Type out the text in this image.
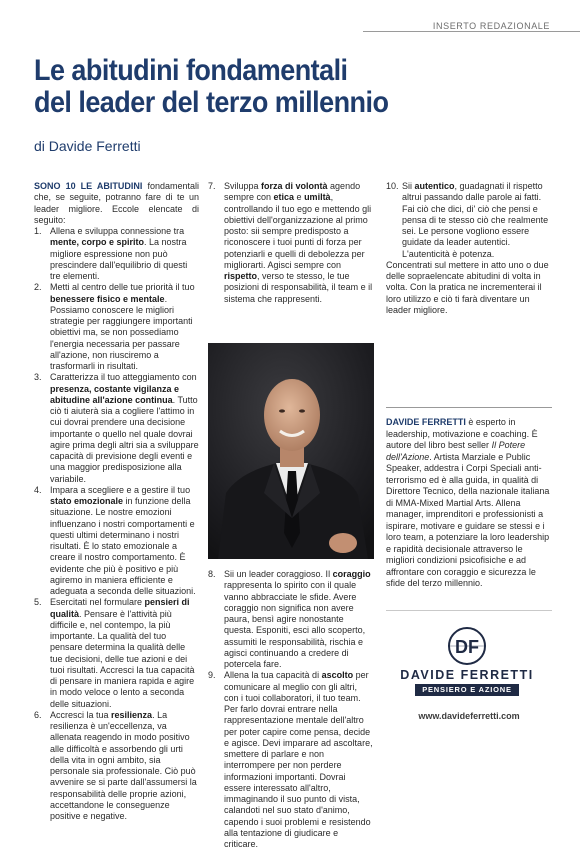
INSERTO REDAZIONALE
Le abitudini fondamentali
del leader del terzo millennio
di Davide Ferretti

SONO 10 LE ABITUDINI fondamentali che, se seguite, potranno fare di te un leader migliore. Eccole elencate di seguito:

1. Allena e sviluppa connessione tra mente, corpo e spirito. La nostra migliore espressione non può prescindere dall'equilibrio di questi tre elementi.
2. Metti al centro delle tue priorità il tuo benessere fisico e mentale. Possiamo conoscere le migliori strategie per raggiungere importanti obiettivi ma, se non possediamo l'energia necessaria per passare all'azione, non riusciremo a trasformarli in risultati.
3. Caratterizza il tuo atteggiamento con presenza, costante vigilanza e abitudine all'azione continua. Tutto ciò ti aiuterà sia a cogliere l'attimo in cui dovrai prendere una decisione importante o quello nel quale dovrai agire prima degli altri sia a sviluppare capacità di previsione degli eventi e una maggior predisposizione alla variabile.
4. Impara a scegliere e a gestire il tuo stato emozionale in funzione della situazione. Le nostre emozioni influenzano i nostri comportamenti e questi ultimi determinano i nostri risultati. È lo stato emozionale a creare il nostro comportamento. È evidente che più è positivo e più agiremo in maniera efficiente e adeguata a seconda delle situazioni.
5. Esercitati nel formulare pensieri di qualità. Pensare è l'attività più difficile e, nel contempo, la più importante. La qualità del tuo pensare determina la qualità delle tue decisioni, delle tue azioni e dei tuoi risultati. Accresci la tua capacità di pensare in maniera rapida e agire in modo veloce o lento a seconda delle situazioni.
6. Accresci la tua resilienza. La resilienza è un'eccellenza, va allenata reagendo in modo positivo alle difficoltà e assorbendo gli urti della vita in ogni ambito, sia personale sia professionale. Ciò può avvenire se si parte dall'assumersi la responsabilità delle proprie azioni, accettandone le conseguenze positive e negative.
7. Sviluppa forza di volontà agendo sempre con etica e umiltà, controllando il tuo ego e mettendo gli obiettivi dell'organizzazione al primo posto: sii sempre predisposto a riconoscere i tuoi punti di forza per potenziarli e quelli di debolezza per migliorarti. Agisci sempre con rispetto, verso te stesso, le tue posizioni di responsabilità, il team e il sistema che rappresenti.
8. Sii un leader coraggioso. Il coraggio rappresenta lo spirito con il quale vanno abbracciate le sfide. Avere coraggio non significa non avere paura, bensì agire nonostante questa. Esponiti, esci allo scoperto, assumiti le responsabilità, rischia e agisci continuando a credere di potercela fare.
9. Allena la tua capacità di ascolto per comunicare al meglio con gli altri, con i tuoi collaboratori, il tuo team. Per farlo dovrai entrare nella rappresentazione mentale dell'altro per poter capire come pensa, decide e agisce. Devi imparare ad ascoltare, smettere di parlare e non interrompere per non perdere informazioni importanti. Dovrai essere interessato all'altro, immaginando il suo punto di vista, calandoti nel suo stato d'animo, capendo i suoi problemi e resistendo alla tentazione di giudicare e criticare.
10. Sii autentico, guadagnati il rispetto altrui passando dalle parole ai fatti. Fai ciò che dici, di' ciò che pensi e pensa di te stesso ciò che realmente sei. Le persone vogliono essere guidate da leader autentici. L'autenticità è potenza.

Concentrati sul mettere in atto uno o due delle sopraelencate abitudini di volta in volta. Con la pratica ne incrementerai il loro utilizzo e ciò ti farà diventare un leader migliore.

DAVIDE FERRETTI è esperto in leadership, motivazione e coaching. È autore del libro best seller Il Potere dell'Azione. Artista Marziale e Public Speaker, addestra i Corpi Speciali anti-terrorismo ed è alla guida, in qualità di Direttore Tecnico, della nazionale italiana di MMA-Mixed Martial Arts. Allena manager, imprenditori e professionisti a ispirare, motivare e guidare se stessi e i loro team, a potenziare la loro leadership e rapidità decisionale attraverso le migliori condizioni psicofisiche e ad affrontare con coraggio e sicurezza le sfide del terzo millennio.
DF
DAVIDE FERRETTI
PENSIERO E AZIONE
www.davideferretti.com
